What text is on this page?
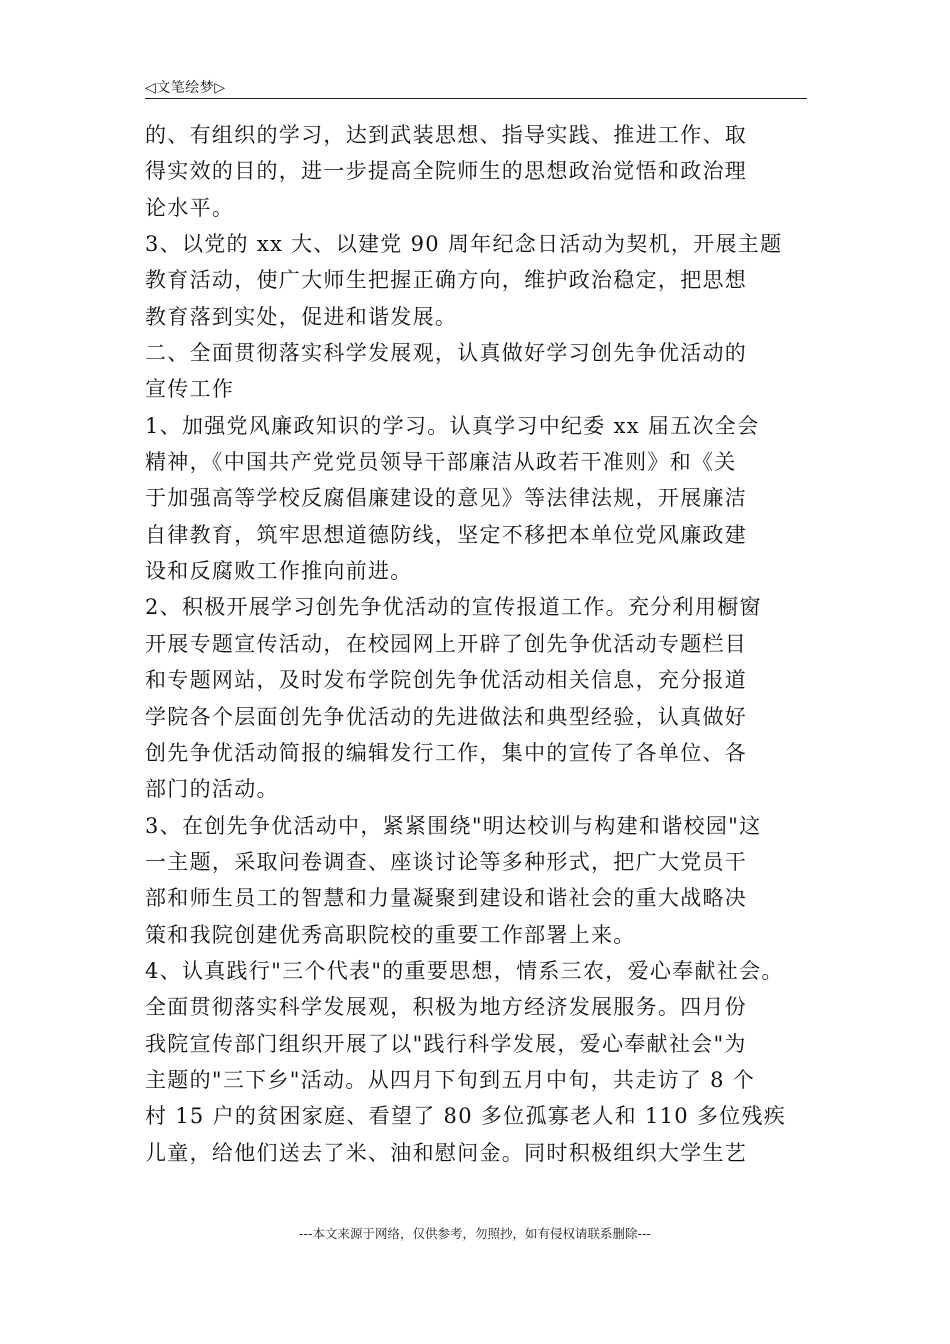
◁文笔绘梦▷
的、有组织的学习，达到武装思想、指导实践、推进工作、取
得实效的目的，进一步提高全院师生的思想政治觉悟和政治理
论水平。
3、以党的 xx 大、以建党 90 周年纪念日活动为契机，开展主题
教育活动，使广大师生把握正确方向，维护政治稳定，把思想
教育落到实处，促进和谐发展。
二、全面贯彻落实科学发展观，认真做好学习创先争优活动的
宣传工作
1、加强党风廉政知识的学习。认真学习中纪委 xx 届五次全会
精神，《中国共产党党员领导干部廉洁从政若干准则》和《关
于加强高等学校反腐倡廉建设的意见》等法律法规，开展廉洁
自律教育，筑牢思想道德防线，坚定不移把本单位党风廉政建
设和反腐败工作推向前进。
2、积极开展学习创先争优活动的宣传报道工作。充分利用橱窗
开展专题宣传活动，在校园网上开辟了创先争优活动专题栏目
和专题网站，及时发布学院创先争优活动相关信息，充分报道
学院各个层面创先争优活动的先进做法和典型经验，认真做好
创先争优活动简报的编辑发行工作，集中的宣传了各单位、各
部门的活动。
3、在创先争优活动中，紧紧围绕"明达校训与构建和谐校园"这
一主题，采取问卷调查、座谈讨论等多种形式，把广大党员干
部和师生员工的智慧和力量凝聚到建设和谐社会的重大战略决
策和我院创建优秀高职院校的重要工作部署上来。
4、认真践行"三个代表"的重要思想，情系三农，爱心奉献社会。
全面贯彻落实科学发展观，积极为地方经济发展服务。四月份
我院宣传部门组织开展了以"践行科学发展，爱心奉献社会"为
主题的"三下乡"活动。从四月下旬到五月中旬，共走访了 8 个
村 15 户的贫困家庭、看望了 80 多位孤寡老人和 110 多位残疾
儿童，给他们送去了米、油和慰问金。同时积极组织大学生艺
---本文来源于网络，仅供参考，勿照抄，如有侵权请联系删除---
